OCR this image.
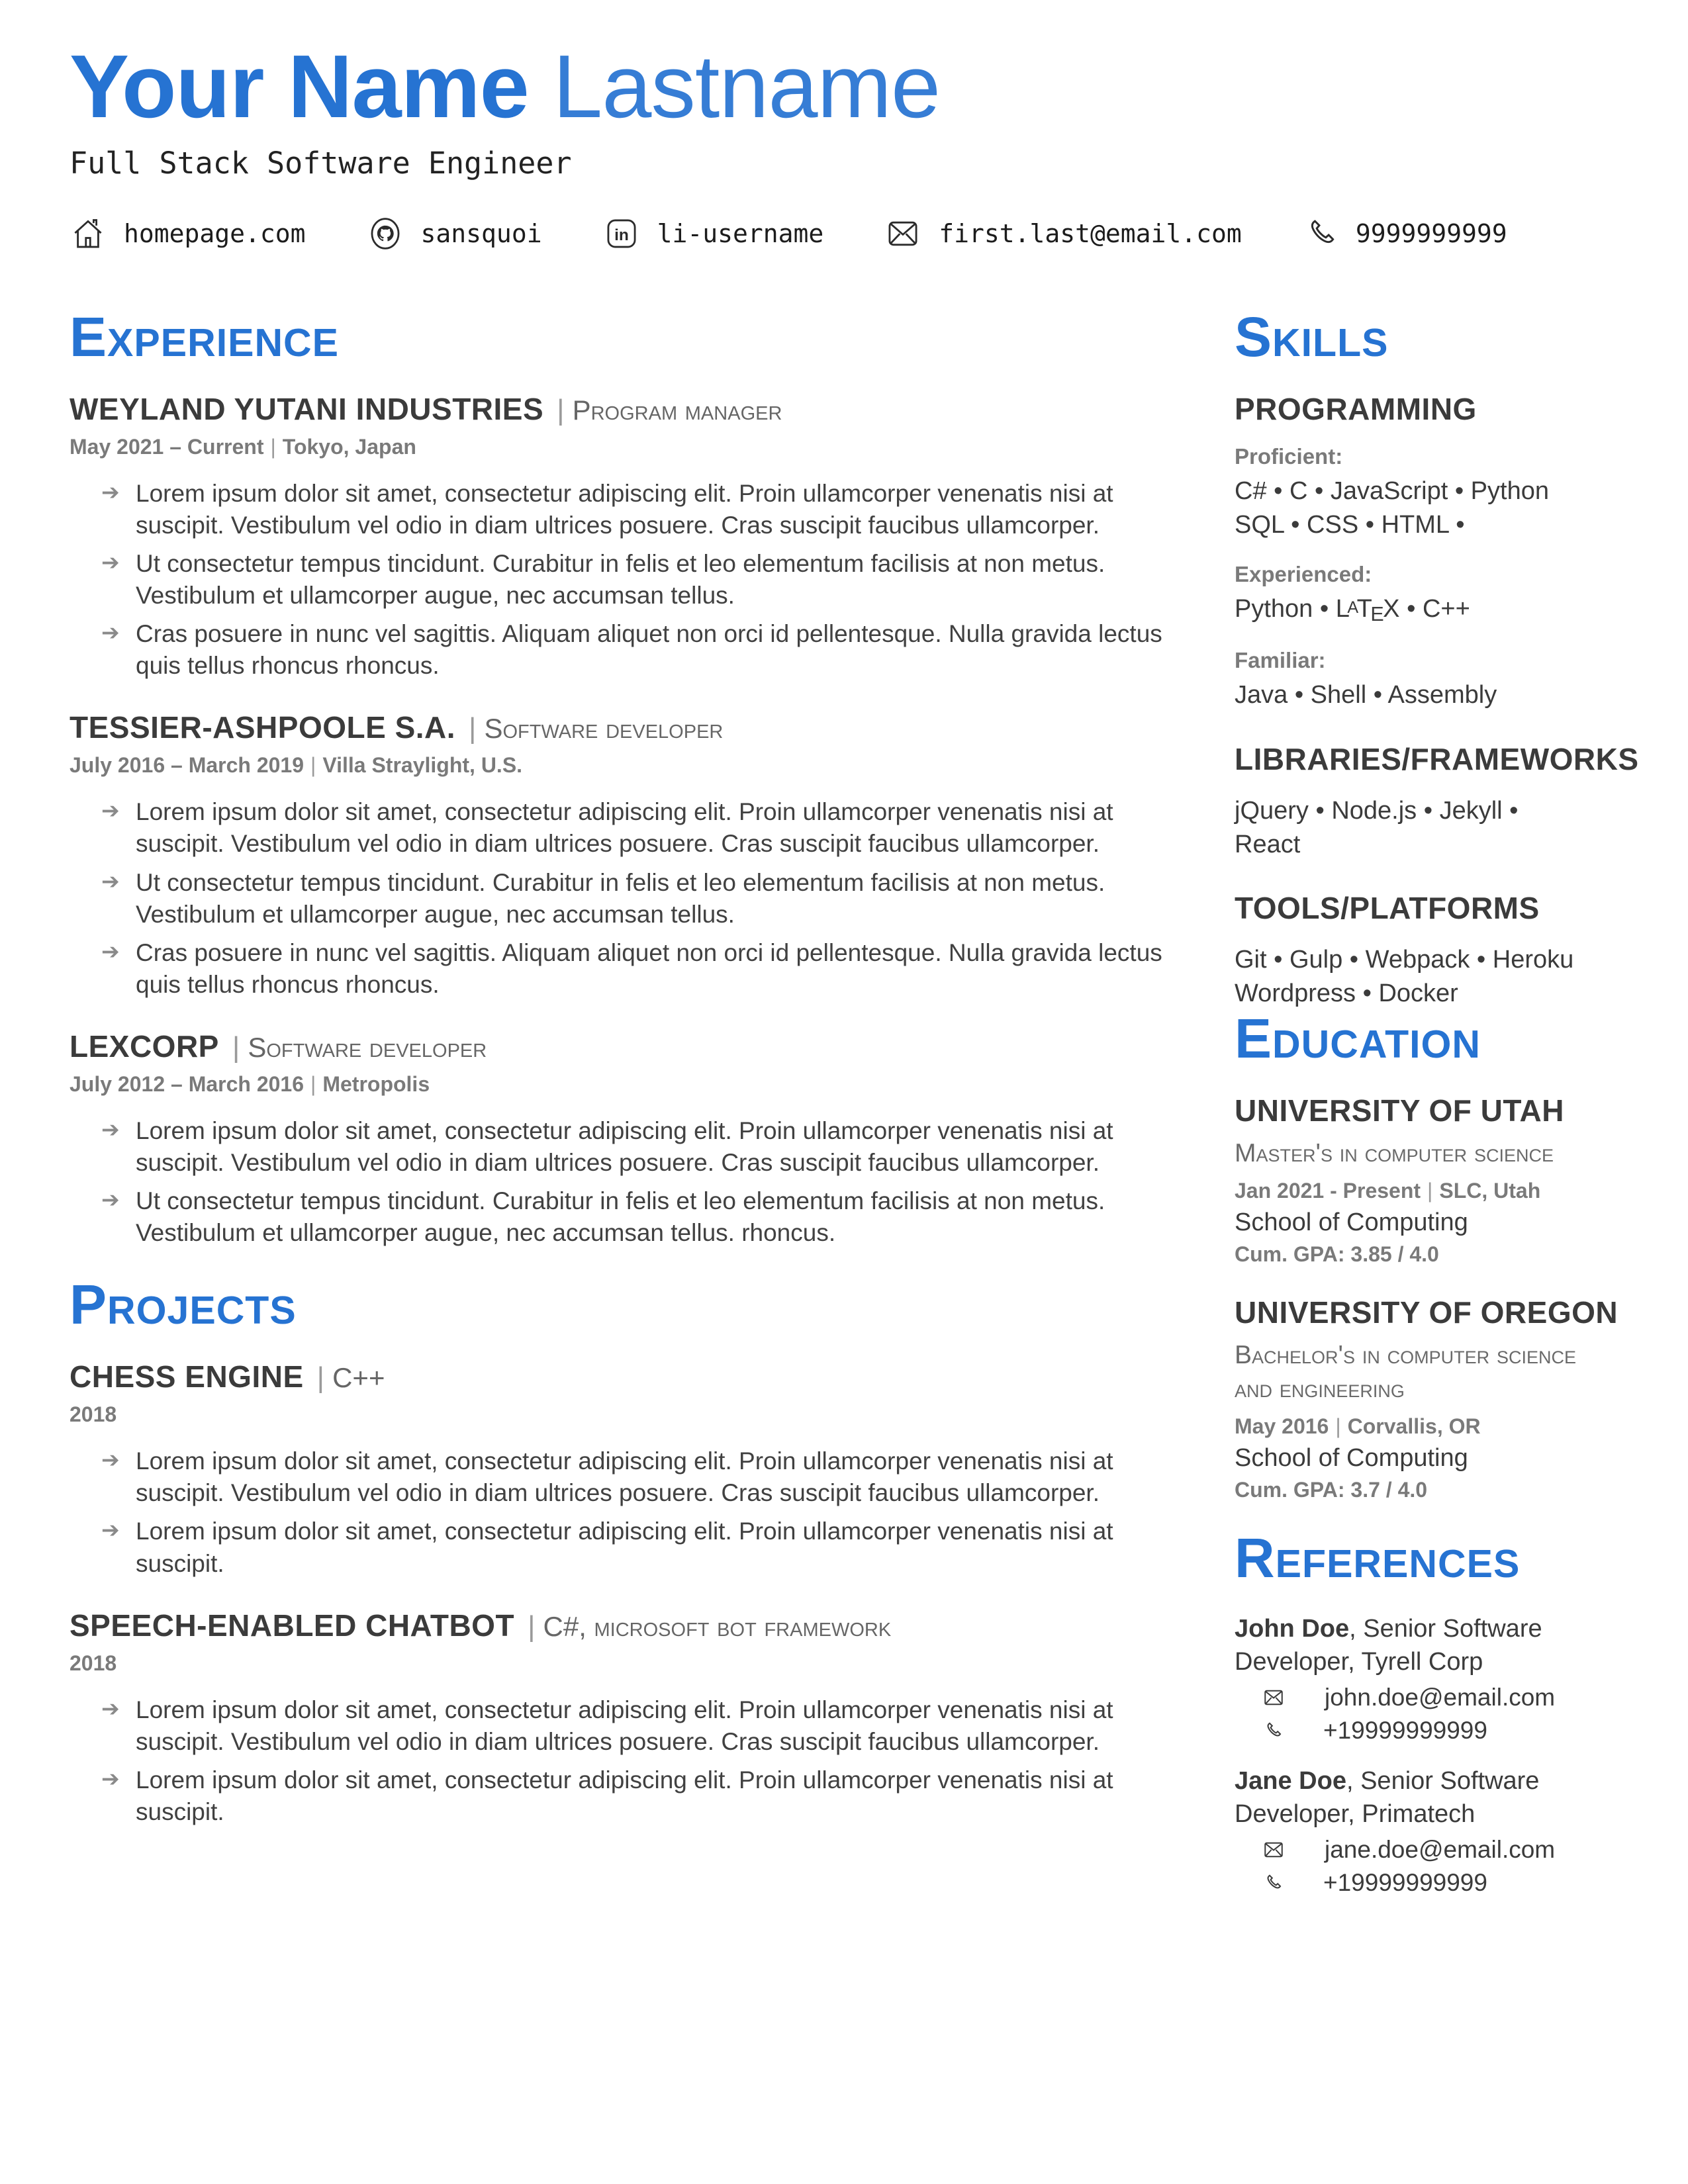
Your Name Lastname
Full Stack Software Engineer
homepage.com	sansquoi	in li-username	first.last@email.com	9999999999
Experience
WEYLAND YUTANI INDUSTRIES | program manager
May 2021 – Current | Tokyo, Japan
➔ Lorem ipsum dolor sit amet, consectetur adipiscing elit. Proin ullamcorper venenatis nisi at suscipit. Vestibulum vel odio in diam ultrices posuere. Cras suscipit faucibus ullamcorper.
➔ Ut consectetur tempus tincidunt. Curabitur in felis et leo elementum facilisis at non metus. Vestibulum et ullamcorper augue, nec accumsan tellus.
➔ Cras posuere in nunc vel sagittis. Aliquam aliquet non orci id pellentesque. Nulla gravida lectus quis tellus rhoncus rhoncus.
TESSIER-ASHPOOLE S.A. | software developer
July 2016 – March 2019 | Villa Straylight, U.S.
➔ Lorem ipsum dolor sit amet, consectetur adipiscing elit. Proin ullamcorper venenatis nisi at suscipit. Vestibulum vel odio in diam ultrices posuere. Cras suscipit faucibus ullamcorper.
➔ Ut consectetur tempus tincidunt. Curabitur in felis et leo elementum facilisis at non metus. Vestibulum et ullamcorper augue, nec accumsan tellus.
➔ Cras posuere in nunc vel sagittis. Aliquam aliquet non orci id pellentesque. Nulla gravida lectus quis tellus rhoncus rhoncus.
LEXCORP | software developer
July 2012 – March 2016 | Metropolis
➔ Lorem ipsum dolor sit amet, consectetur adipiscing elit. Proin ullamcorper venenatis nisi at suscipit. Vestibulum vel odio in diam ultrices posuere. Cras suscipit faucibus ullamcorper.
➔ Ut consectetur tempus tincidunt. Curabitur in felis et leo elementum facilisis at non metus. Vestibulum et ullamcorper augue, nec accumsan tellus. rhoncus.
Projects
CHESS ENGINE | c++
2018
➔ Lorem ipsum dolor sit amet, consectetur adipiscing elit. Proin ullamcorper venenatis nisi at suscipit. Vestibulum vel odio in diam ultrices posuere. Cras suscipit faucibus ullamcorper.
➔ Lorem ipsum dolor sit amet, consectetur adipiscing elit. Proin ullamcorper venenatis nisi at suscipit.
SPEECH-ENABLED CHATBOT | c#, microsoft bot framework
2018
➔ Lorem ipsum dolor sit amet, consectetur adipiscing elit. Proin ullamcorper venenatis nisi at suscipit. Vestibulum vel odio in diam ultrices posuere. Cras suscipit faucibus ullamcorper.
➔ Lorem ipsum dolor sit amet, consectetur adipiscing elit. Proin ullamcorper venenatis nisi at suscipit.
Skills
PROGRAMMING
Proficient:
C# • C • JavaScript • Python
SQL • CSS • HTML •
Experienced:
Python • LATEX • C++
Familiar:
Java • Shell • Assembly
LIBRARIES/FRAMEWORKS
jQuery • Node.js • Jekyll •
React
TOOLS/PLATFORMS
Git • Gulp • Webpack • Heroku
Wordpress • Docker
Education
UNIVERSITY OF UTAH
Master's in computer science
Jan 2021 - Present | SLC, Utah
School of Computing
Cum. GPA: 3.85 / 4.0
UNIVERSITY OF OREGON
Bachelor's in computer science and engineering
May 2016 | Corvallis, OR
School of Computing
Cum. GPA: 3.7 / 4.0
References

John Doe, Senior Software Developer, Tyrell Corp

john.doe@email.com
+19999999999

Jane Doe, Senior Software Developer, Primatech

jane.doe@email.com
+19999999999
